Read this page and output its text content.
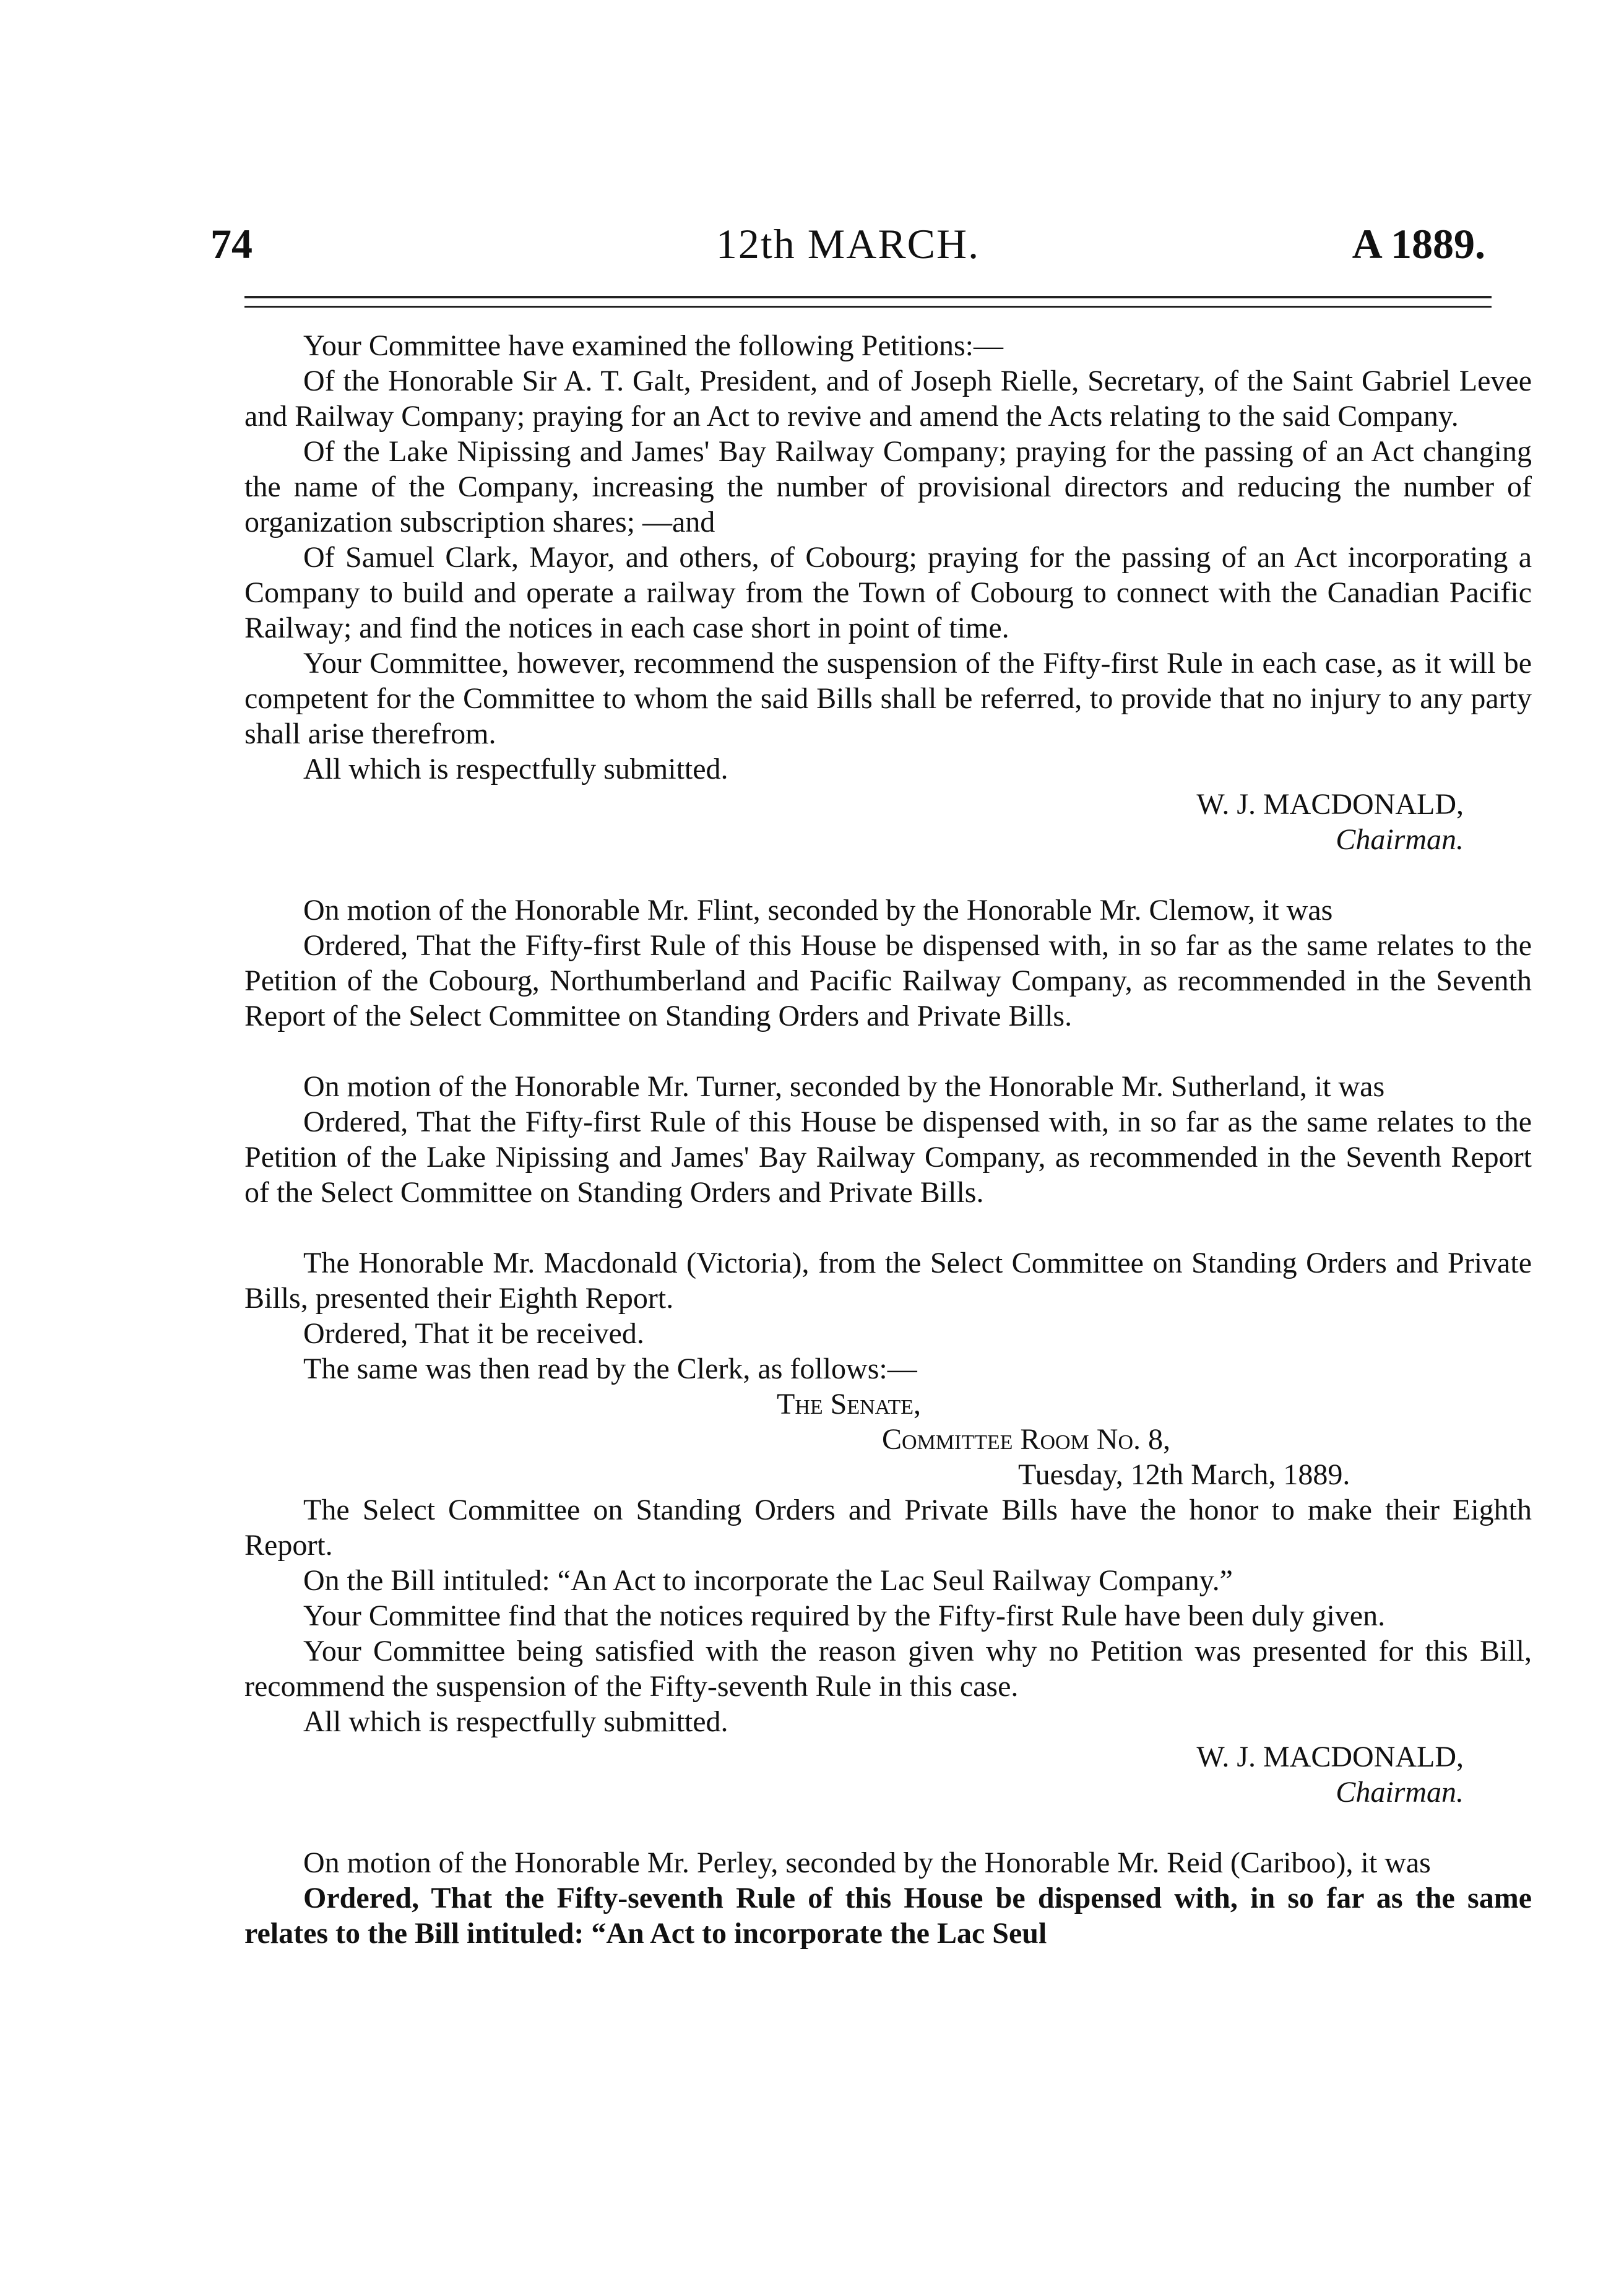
74	12th MARCH.	A 1889.

Your Committee have examined the following Petitions:—

Of the Honorable Sir A. T. Galt, President, and of Joseph Rielle, Secretary, of the Saint Gabriel Levee and Railway Company; praying for an Act to revive and amend the Acts relating to the said Company.

Of the Lake Nipissing and James' Bay Railway Company; praying for the passing of an Act changing the name of the Company, increasing the number of provisional directors and reducing the number of organization subscription shares; —and

Of Samuel Clark, Mayor, and others, of Cobourg; praying for the passing of an Act incorporating a Company to build and operate a railway from the Town of Cobourg to connect with the Canadian Pacific Railway; and find the notices in each case short in point of time.

Your Committee, however, recommend the suspension of the Fifty-first Rule in each case, as it will be competent for the Committee to whom the said Bills shall be referred, to provide that no injury to any party shall arise therefrom.

All which is respectfully submitted.

W. J. MACDONALD,

Chairman.

On motion of the Honorable Mr. Flint, seconded by the Honorable Mr. Clemow, it was

Ordered, That the Fifty-first Rule of this House be dispensed with, in so far as the same relates to the Petition of the Cobourg, Northumberland and Pacific Railway Company, as recommended in the Seventh Report of the Select Committee on Standing Orders and Private Bills.

On motion of the Honorable Mr. Turner, seconded by the Honorable Mr. Sutherland, it was

Ordered, That the Fifty-first Rule of this House be dispensed with, in so far as the same relates to the Petition of the Lake Nipissing and James' Bay Railway Company, as recommended in the Seventh Report of the Select Committee on Standing Orders and Private Bills.

The Honorable Mr. Macdonald (Victoria), from the Select Committee on Standing Orders and Private Bills, presented their Eighth Report.

Ordered, That it be received.

The same was then read by the Clerk, as follows:—

The Senate,

Committee Room No. 8,

Tuesday, 12th March, 1889.

The Select Committee on Standing Orders and Private Bills have the honor to make their Eighth Report.

On the Bill intituled: “An Act to incorporate the Lac Seul Railway Company.”

Your Committee find that the notices required by the Fifty-first Rule have been duly given.

Your Committee being satisfied with the reason given why no Petition was presented for this Bill, recommend the suspension of the Fifty-seventh Rule in this case.

All which is respectfully submitted.

W. J. MACDONALD,

Chairman.

On motion of the Honorable Mr. Perley, seconded by the Honorable Mr. Reid (Cariboo), it was

Ordered, That the Fifty-seventh Rule of this House be dispensed with, in so far as the same relates to the Bill intituled: “An Act to incorporate the Lac Seul
